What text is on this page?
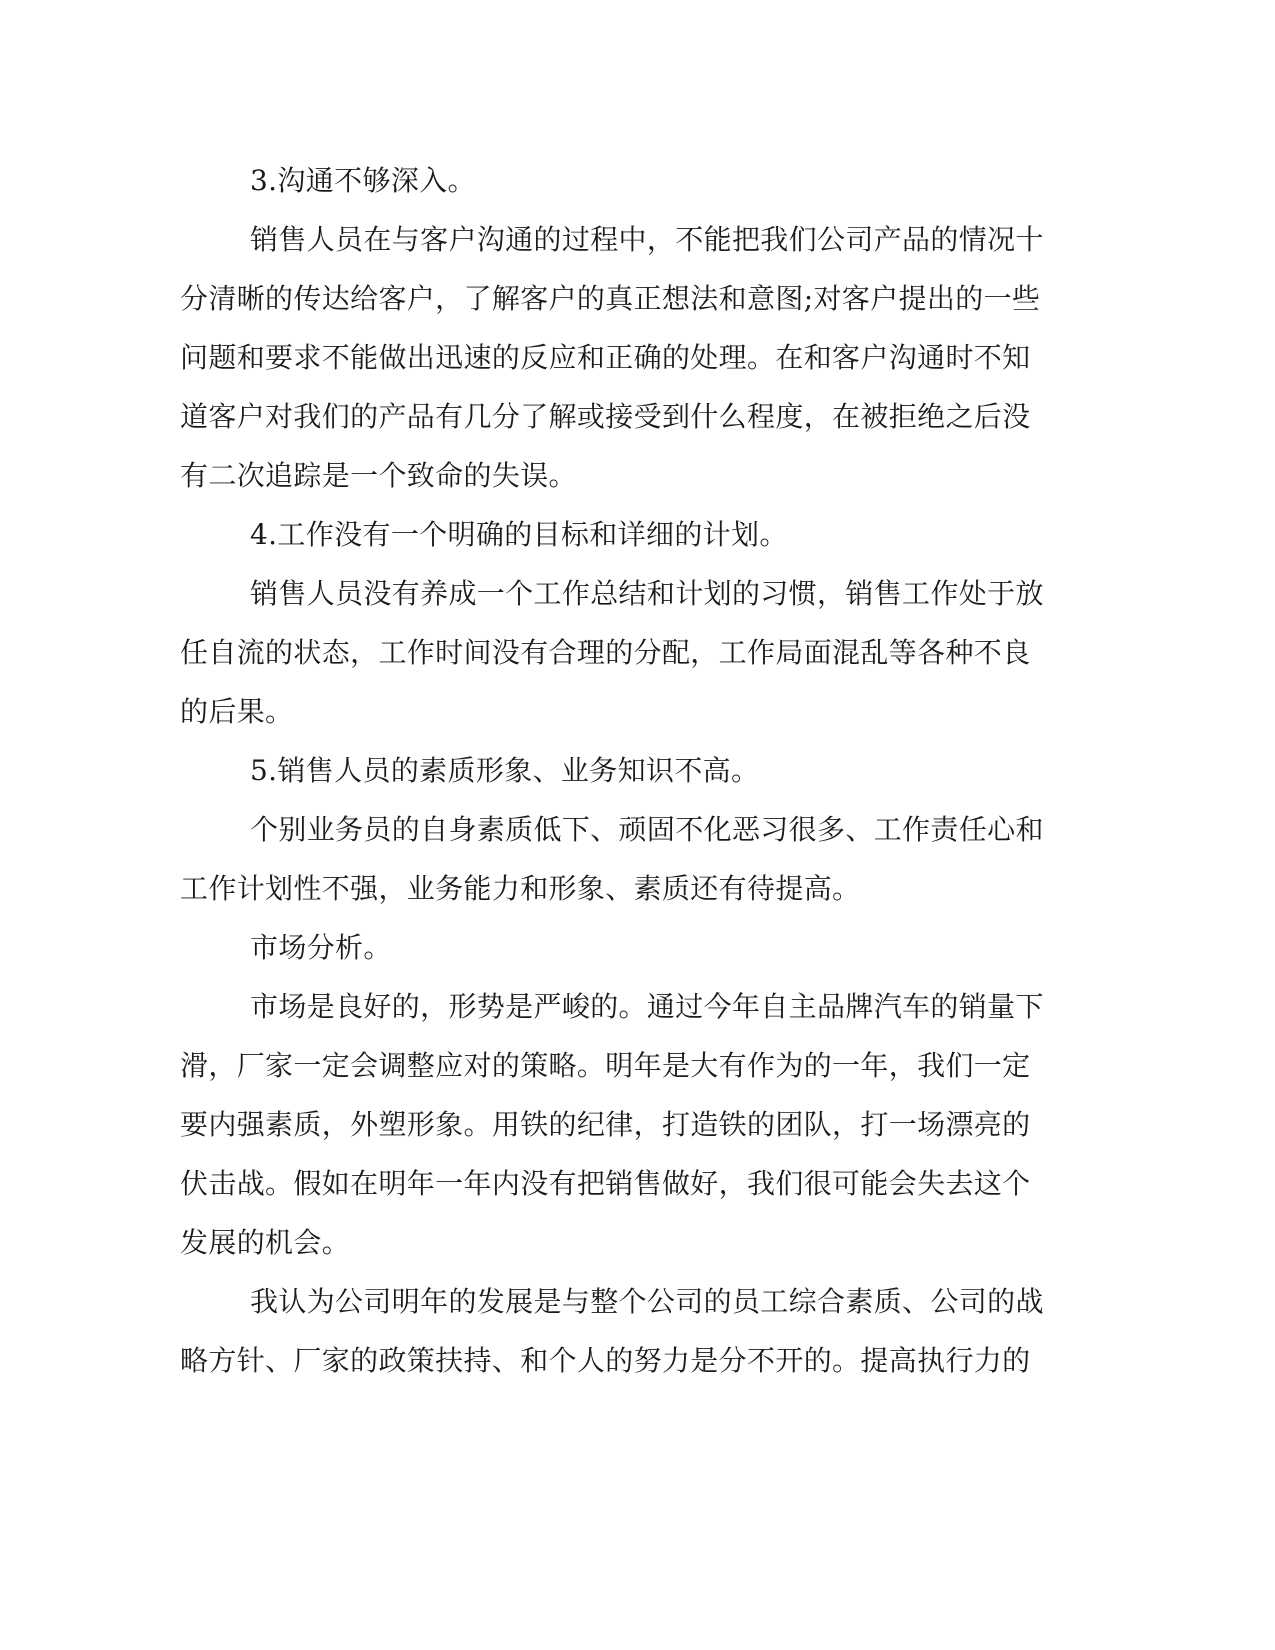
3.沟通不够深入。

销售人员在与客户沟通的过程中，不能把我们公司产品的情况十

分清晰的传达给客户，了解客户的真正想法和意图;对客户提出的一些

问题和要求不能做出迅速的反应和正确的处理。在和客户沟通时不知

道客户对我们的产品有几分了解或接受到什么程度，在被拒绝之后没

有二次追踪是一个致命的失误。

4.工作没有一个明确的目标和详细的计划。

销售人员没有养成一个工作总结和计划的习惯，销售工作处于放

任自流的状态，工作时间没有合理的分配，工作局面混乱等各种不良

的后果。

5.销售人员的素质形象、业务知识不高。

个别业务员的自身素质低下、顽固不化恶习很多、工作责任心和

工作计划性不强，业务能力和形象、素质还有待提高。

市场分析。

市场是良好的，形势是严峻的。通过今年自主品牌汽车的销量下

滑，厂家一定会调整应对的策略。明年是大有作为的一年，我们一定

要内强素质，外塑形象。用铁的纪律，打造铁的团队，打一场漂亮的

伏击战。假如在明年一年内没有把销售做好，我们很可能会失去这个

发展的机会。

我认为公司明年的发展是与整个公司的员工综合素质、公司的战

略方针、厂家的政策扶持、和个人的努力是分不开的。提高执行力的
